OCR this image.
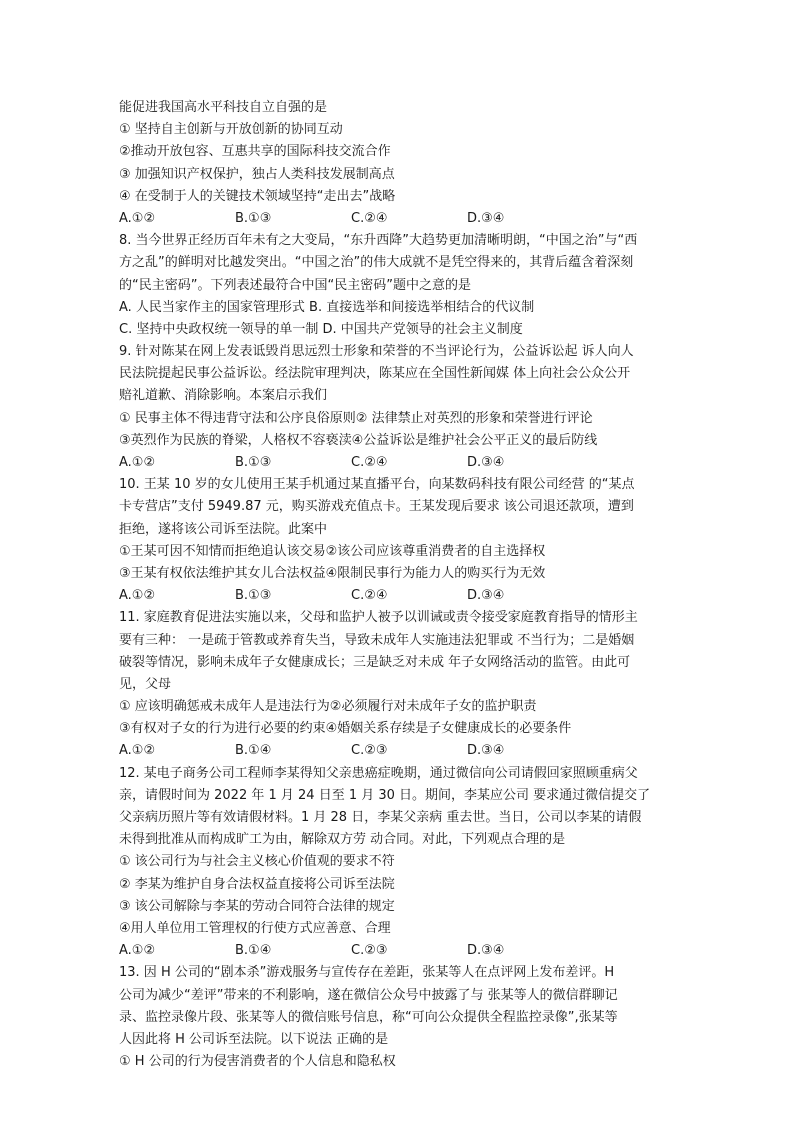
能促进我国高水平科技自立自强的是
① 坚持自主创新与开放创新的协同互动
②推动开放包容、互惠共享的国际科技交流合作
③ 加强知识产权保护，独占人类科技发展制高点
④ 在受制于人的关键技术领域坚持“走出去”战略
A.①②	B.①③	C.②④	D.③④
8. 当今世界正经历百年未有之大变局，“东升西降”大趋势更加清晰明朗，“中国之治”与“西
方之乱”的鲜明对比越发突出。“中国之治”的伟大成就不是凭空得来的，其背后蕴含着深刻
的“民主密码”。下列表述最符合中国“民主密码”题中之意的是
A. 人民当家作主的国家管理形式 B. 直接选举和间接选举相结合的代议制
C. 坚持中央政权统一领导的单一制 D. 中国共产党领导的社会主义制度
9. 针对陈某在网上发表诋毁肖思远烈士形象和荣誉的不当评论行为，公益诉讼起 诉人向人
民法院提起民事公益诉讼。经法院审理判决，陈某应在全国性新闻媒 体上向社会公众公开
赔礼道歉、消除影响。本案启示我们
① 民事主体不得违背守法和公序良俗原则② 法律禁止对英烈的形象和荣誉进行评论
③英烈作为民族的脊梁，人格权不容亵渎④公益诉讼是维护社会公平正义的最后防线
A.①②	B.①③	C.②④	D.③④
10. 王某 10 岁的女儿使用王某手机通过某直播平台，向某数码科技有限公司经营 的“某点
卡专营店”支付 5949.87 元，购买游戏充值点卡。王某发现后要求 该公司退还款项，遭到
拒绝，遂将该公司诉至法院。此案中
①王某可因不知情而拒绝追认该交易②该公司应该尊重消费者的自主选择权
③王某有权依法维护其女儿合法权益④限制民事行为能力人的购买行为无效
A.①②	B.①③	C.②④	D.③④
11. 家庭教育促进法实施以来，父母和监护人被予以训诫或责令接受家庭教育指导的情形主
要有三种： 一是疏于管教或养育失当，导致未成年人实施违法犯罪或 不当行为；二是婚姻
破裂等情况，影响未成年子女健康成长；三是缺乏对未成 年子女网络活动的监管。由此可
见，父母
① 应该明确惩戒未成年人是违法行为②必须履行对未成年子女的监护职责
③有权对子女的行为进行必要的约束④婚姻关系存续是子女健康成长的必要条件
A.①②	B.①④	C.②③	D.③④
12. 某电子商务公司工程师李某得知父亲患癌症晚期，通过微信向公司请假回家照顾重病父
亲，请假时间为 2022 年 1 月 24 日至 1 月 30 日。期间，李某应公司 要求通过微信提交了
父亲病历照片等有效请假材料。1 月 28 日，李某父亲病 重去世。当日，公司以李某的请假
未得到批准从而构成旷工为由，解除双方劳 动合同。对此，下列观点合理的是
① 该公司行为与社会主义核心价值观的要求不符
② 李某为维护自身合法权益直接将公司诉至法院
③ 该公司解除与李某的劳动合同符合法律的规定
④用人单位用工管理权的行使方式应善意、合理
A.①②	B.①④	C.②③	D.③④
13. 因 H 公司的“剧本杀”游戏服务与宣传存在差距，张某等人在点评网上发布差评。H
公司为减少“差评”带来的不利影响，遂在微信公众号中披露了与 张某等人的微信群聊记
录、监控录像片段、张某等人的微信账号信息，称“可向公众提供全程监控录像”,张某等
人因此将 H 公司诉至法院。以下说法 正确的是
① H 公司的行为侵害消费者的个人信息和隐私权
